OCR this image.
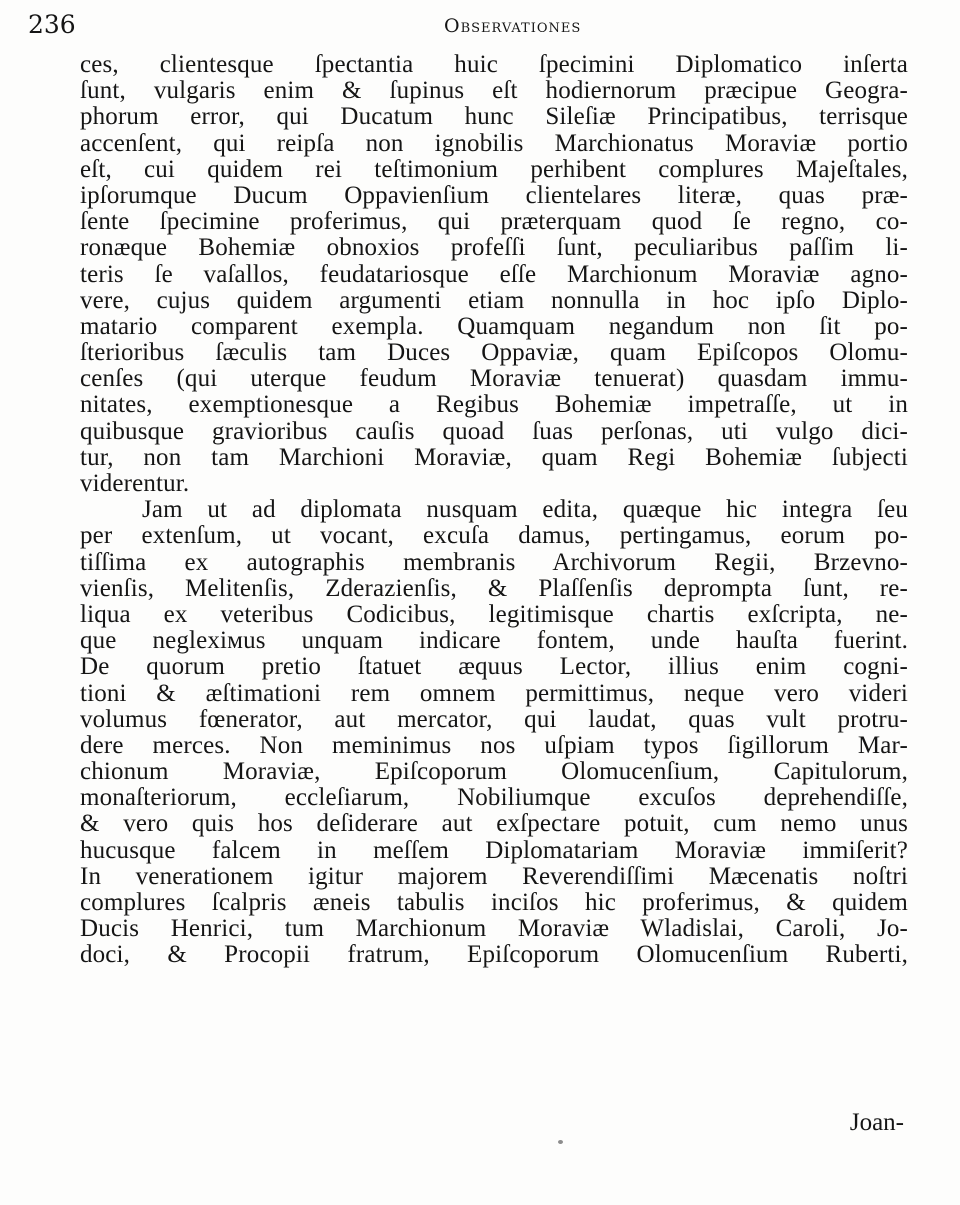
236	Observationes
ces, clientesque ſpectantia huic ſpecimini Diplomatico inſerta
ſunt, vulgaris enim & ſupinus eſt hodiernorum præcipue Geogra-
phorum error, qui Ducatum hunc Sileſiæ Principatibus, terrisque
accenſent, qui reipſa non ignobilis Marchionatus Moraviæ portio
eſt, cui quidem rei teſtimonium perhibent complures Majeſtales,
ipſorumque Ducum Oppavienſium clientelares literæ, quas præ-
ſente ſpecimine proferimus, qui præterquam quod ſe regno, co-
ronæque Bohemiæ obnoxios profeſſi ſunt, peculiaribus paſſim li-
teris ſe vaſallos, feudatariosque eſſe Marchionum Moraviæ agno-
vere, cujus quidem argumenti etiam nonnulla in hoc ipſo Diplo-
matario comparent exempla. Quamquam negandum non ſit po-
ſterioribus ſæculis tam Duces Oppaviæ, quam Epiſcopos Olomu-
cenſes (qui uterque feudum Moraviæ tenuerat) quasdam immu-
nitates, exemptionesque a Regibus Bohemiæ impetraſſe, ut in
quibusque gravioribus cauſis quoad ſuas perſonas, uti vulgo dici-
tur, non tam Marchioni Moraviæ, quam Regi Bohemiæ ſubjecti
viderentur.
Jam ut ad diplomata nusquam edita, quæque hic integra ſeu
per extenſum, ut vocant, excuſa damus, pertingamus, eorum po-
tiſſima ex autographis membranis Archivorum Regii, Brzevno-
vienſis, Melitenſis, Zderazienſis, & Plaſſenſis deprompta ſunt, re-
liqua ex veteribus Codicibus, legitimisque chartis exſcripta, ne-
que neglexiмus unquam indicare fontem, unde hauſta fuerint.
De quorum pretio ſtatuet æquus Lector, illius enim cogni-
tioni & æſtimationi rem omnem permittimus, neque vero videri
volumus fœnerator, aut mercator, qui laudat, quas vult protru-
dere merces. Non meminimus nos uſpiam typos ſigillorum Mar-
chionum Moraviæ, Epiſcoporum Olomucenſium, Capitulorum,
monaſteriorum, eccleſiarum, Nobiliumque excuſos deprehendiſſe,
& vero quis hos deſiderare aut exſpectare potuit, cum nemo unus
hucusque falcem in meſſem Diplomatariam Moraviæ immiſerit?
In venerationem igitur majorem Reverendiſſimi Mæcenatis noſtri
complures ſcalpris æneis tabulis inciſos hic proferimus, & quidem
Ducis Henrici, tum Marchionum Moraviæ Wladislai, Caroli, Jo-
doci, & Procopii fratrum, Epiſcoporum Olomucenſium Ruberti,
Joan-
